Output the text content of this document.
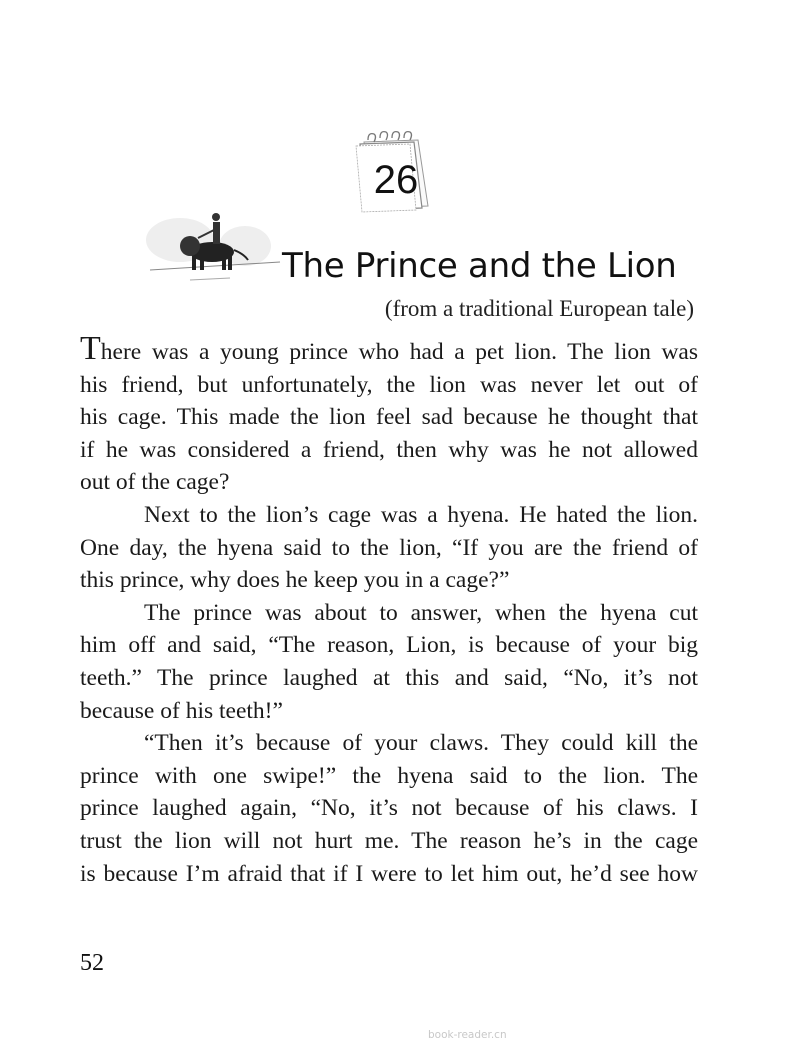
26
The Prince and the Lion
(from a traditional European tale)
There was a young prince who had a pet lion. The lion was
his friend, but unfortunately, the lion was never let out of
his cage. This made the lion feel sad because he thought that
if he was considered a friend, then why was he not allowed
out of the cage?
Next to the lion’s cage was a hyena. He hated the lion.
One day, the hyena said to the lion, “If you are the friend of
this prince, why does he keep you in a cage?”
The prince was about to answer, when the hyena cut
him off and said, “The reason, Lion, is because of your big
teeth.” The prince laughed at this and said, “No, it’s not
because of his teeth!”
“Then it’s because of your claws. They could kill the
prince with one swipe!” the hyena said to the lion. The
prince laughed again, “No, it’s not because of his claws. I
trust the lion will not hurt me. The reason he’s in the cage
is because I’m afraid that if I were to let him out, he’d see how
52
book-reader.cn
